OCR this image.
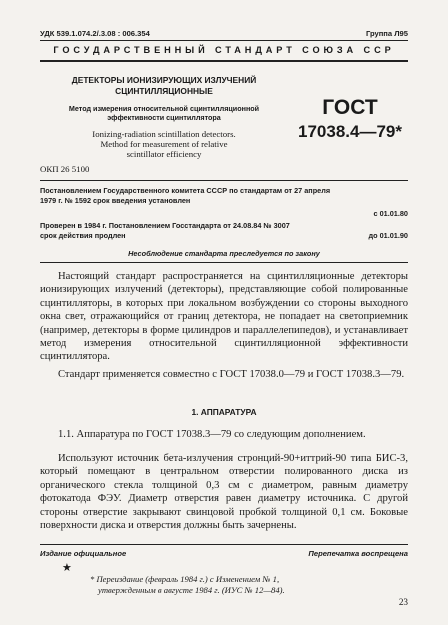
УДК 539.1.074.2/.3.08 : 006.354	Группа Л95
ГОСУДАРСТВЕННЫЙ СТАНДАРТ СОЮЗА ССР
ДЕТЕКТОРЫ ИОНИЗИРУЮЩИХ ИЗЛУЧЕНИЙ
СЦИНТИЛЛЯЦИОННЫЕ
Метод измерения относительной сцинтилляционной
эффективности сцинтиллятора
Ionizing-radiation scintillation detectors.
Method for measurement of relative
scintillator efficiency
ОКП 26 5100
ГОСТ
17038.4—79*
Постановлением Государственного комитета СССР по стандартам от 27 апреля
1979 г. № 1592 срок введения установлен
с 01.01.80
Проверен в 1984 г. Постановлением Госстандарта от 24.08.84 № 3007
срок действия продлен	до 01.01.90
Несоблюдение стандарта преследуется по закону

Настоящий стандарт распространяется на сцинтилляционные детекторы ионизирующих излучений (детекторы), представляющие собой полированные сцинтилляторы, в которых при локальном возбуждении со стороны выходного окна свет, отражающийся от границ детектора, не попадает на светоприемник (например, детекторы в форме цилиндров и параллелепипедов), и устанавливает метод измерения относительной сцинтилляционной эффективности сцинтиллятора.

Стандарт применяется совместно с ГОСТ 17038.0—79 и ГОСТ 17038.3—79.

1. АППАРАТУРА

1.1. Аппаратура по ГОСТ 17038.3—79 со следующим дополнением.

Используют источник бета-излучения стронций-90+иттрий-90 типа БИС-3, который помещают в центральном отверстии полированного диска из органического стекла толщиной 0,3 см с диаметром, равным диаметру фотокатода ФЭУ. Диаметр отверстия равен диаметру источника. С другой стороны отверстие закрывают свинцовой пробкой толщиной 0,1 см. Боковые поверхности диска и отверстия должны быть зачернены.

Издание официальное	Перепечатка воспрещена
★
* Переиздание (февраль 1984 г.) с Изменением № 1,
утвержденным в августе 1984 г. (ИУС № 12—84).
23
